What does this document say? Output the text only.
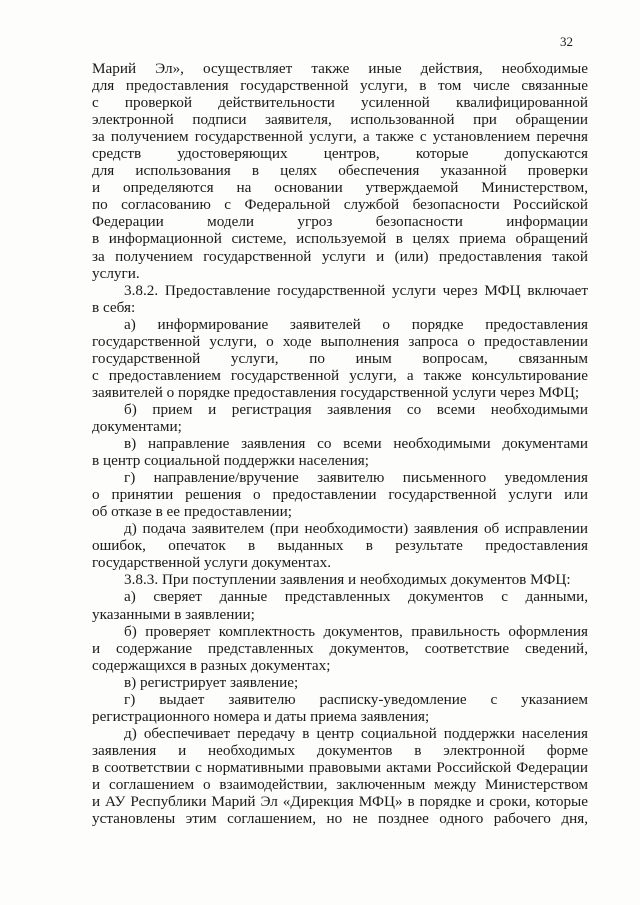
32
Марий Эл», осуществляет также иные действия, необходимые
для предоставления государственной услуги, в том числе связанные
с проверкой действительности усиленной квалифицированной
электронной подписи заявителя, использованной при обращении
за получением государственной услуги, а также с установлением перечня
средств удостоверяющих центров, которые допускаются
для использования в целях обеспечения указанной проверки
и определяются на основании утверждаемой Министерством,
по согласованию с Федеральной службой безопасности Российской
Федерации модели угроз безопасности информации
в информационной системе, используемой в целях приема обращений
за получением государственной услуги и (или) предоставления такой
услуги.
3.8.2. Предоставление государственной услуги через МФЦ включает
в себя:
а) информирование заявителей о порядке предоставления
государственной услуги, о ходе выполнения запроса о предоставлении
государственной услуги, по иным вопросам, связанным
с предоставлением государственной услуги, а также консультирование
заявителей о порядке предоставления государственной услуги через МФЦ;
б) прием и регистрация заявления со всеми необходимыми
документами;
в) направление заявления со всеми необходимыми документами
в центр социальной поддержки населения;
г) направление/вручение заявителю письменного уведомления
о принятии решения о предоставлении государственной услуги или
об отказе в ее предоставлении;
д) подача заявителем (при необходимости) заявления об исправлении
ошибок, опечаток в выданных в результате предоставления
государственной услуги документах.
3.8.3. При поступлении заявления и необходимых документов МФЦ:
а) сверяет данные представленных документов с данными,
указанными в заявлении;
б) проверяет комплектность документов, правильность оформления
и содержание представленных документов, соответствие сведений,
содержащихся в разных документах;
в) регистрирует заявление;
г) выдает заявителю расписку-уведомление с указанием
регистрационного номера и даты приема заявления;
д) обеспечивает передачу в центр социальной поддержки населения
заявления и необходимых документов в электронной форме
в соответствии с нормативными правовыми актами Российской Федерации
и соглашением о взаимодействии, заключенным между Министерством
и АУ Республики Марий Эл «Дирекция МФЦ» в порядке и сроки, которые
установлены этим соглашением, но не позднее одного рабочего дня,
